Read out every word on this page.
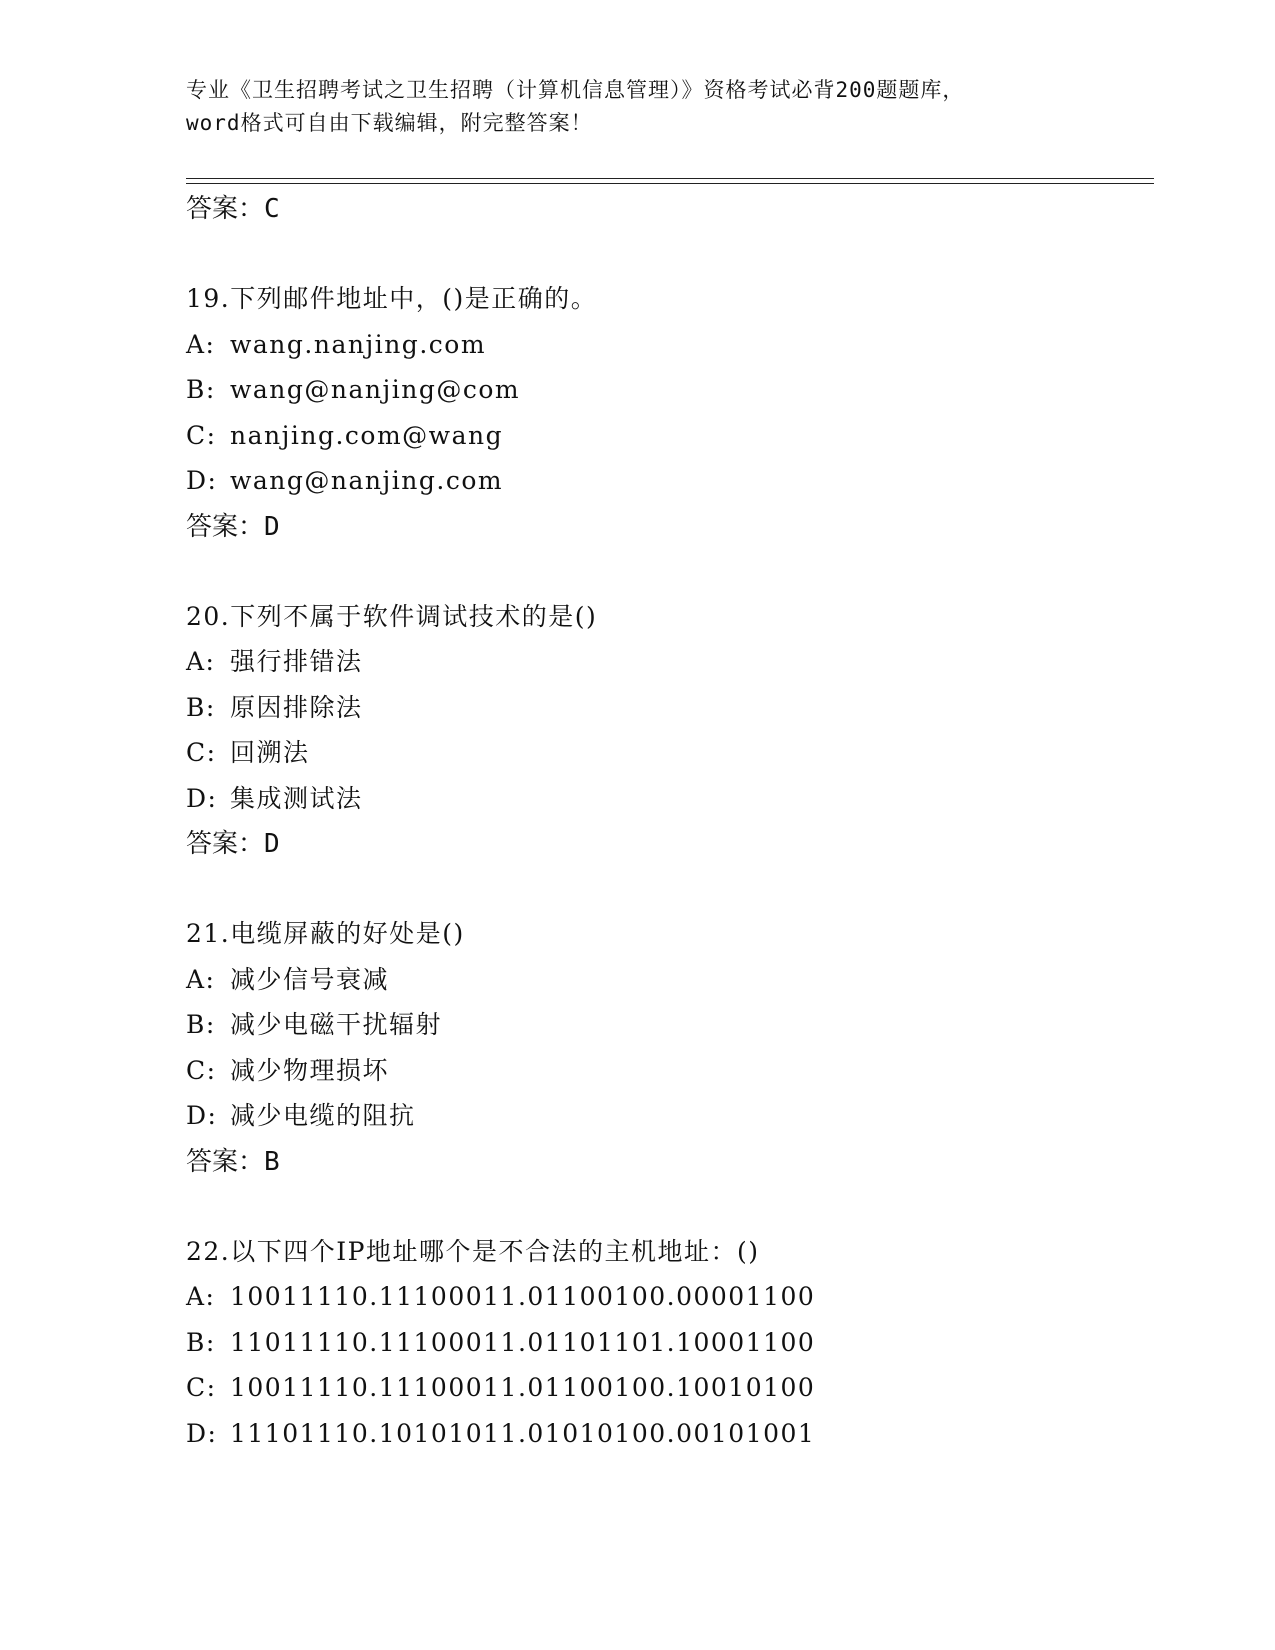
专业《卫生招聘考试之卫生招聘（计算机信息管理）》资格考试必背200题题库，
word格式可自由下载编辑，附完整答案！
答案：C
19.下列邮件地址中，()是正确的。
A: wang.nanjing.com
B: wang@nanjing@com
C: nanjing.com@wang
D: wang@nanjing.com
答案：D
20.下列不属于软件调试技术的是()
A: 强行排错法
B: 原因排除法
C: 回溯法
D: 集成测试法
答案：D
21.电缆屏蔽的好处是()
A: 减少信号衰减
B: 减少电磁干扰辐射
C: 减少物理损坏
D: 减少电缆的阻抗
答案：B
22.以下四个IP地址哪个是不合法的主机地址：()
A: 10011110.11100011.01100100.00001100
B: 11011110.11100011.01101101.10001100
C: 10011110.11100011.01100100.10010100
D: 11101110.10101011.01010100.00101001
